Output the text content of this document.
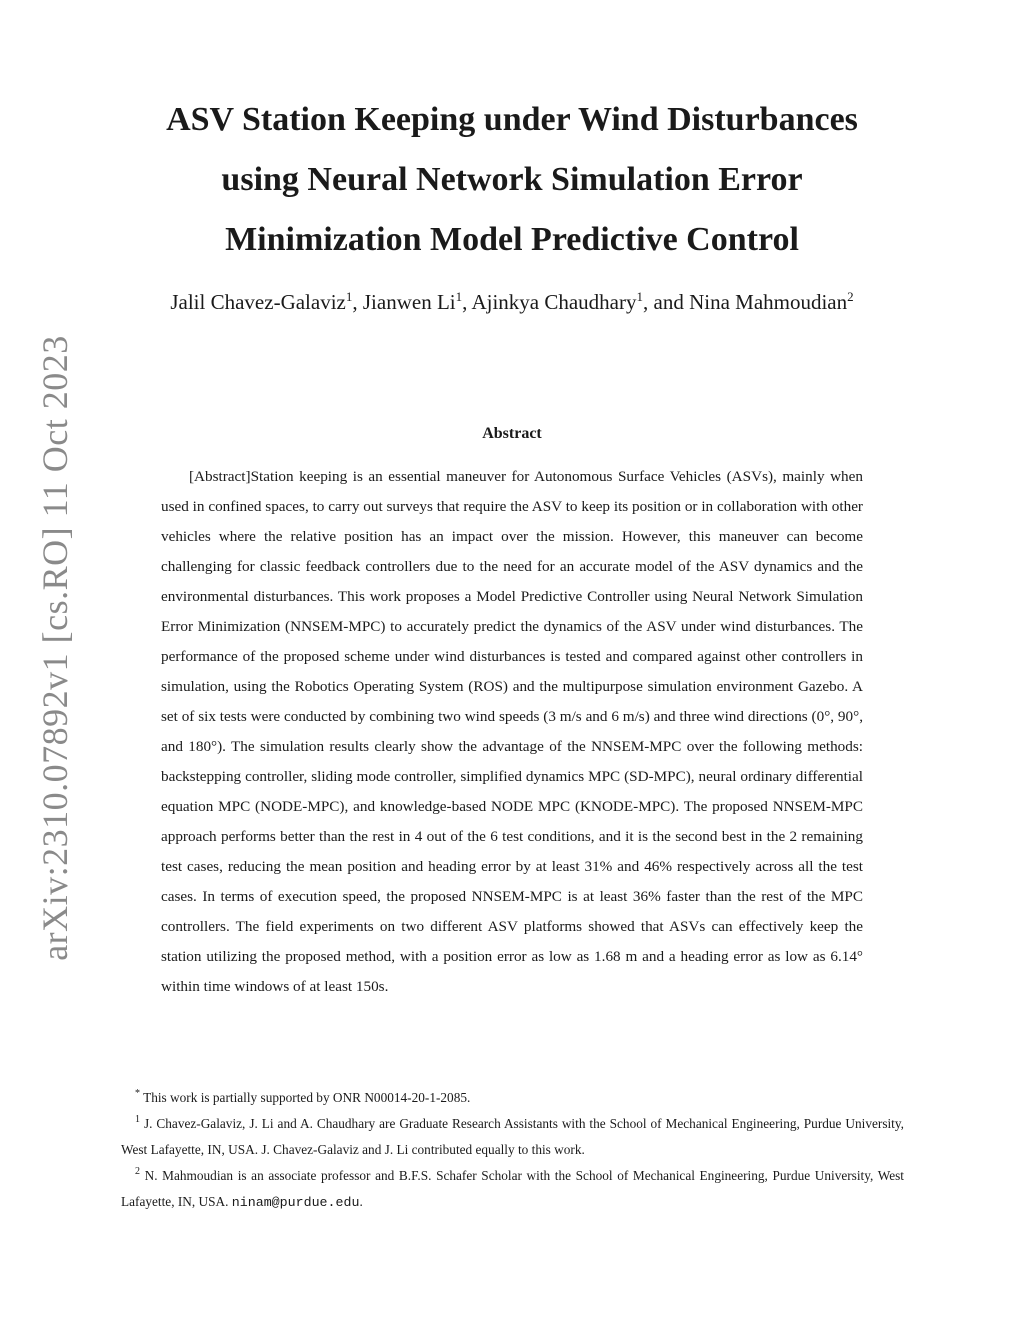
arXiv:2310.07892v1 [cs.RO] 11 Oct 2023
ASV Station Keeping under Wind Disturbances
using Neural Network Simulation Error
Minimization Model Predictive Control
Jalil Chavez-Galaviz$^1$, Jianwen Li$^1$, Ajinkya Chaudhary$^1$, and Nina Mahmoudian$^2$
Abstract

[Abstract]Station keeping is an essential maneuver for Autonomous Surface Vehicles (ASVs), mainly when used in confined spaces, to carry out surveys that require the ASV to keep its position or in collaboration with other vehicles where the relative position has an impact over the mission. However, this maneuver can become challenging for classic feedback controllers due to the need for an accurate model of the ASV dynamics and the environmental disturbances. This work proposes a Model Predictive Controller using Neural Network Simulation Error Minimization (NNSEM-MPC) to accurately predict the dynamics of the ASV under wind disturbances. The performance of the proposed scheme under wind disturbances is tested and compared against other controllers in simulation, using the Robotics Operating System (ROS) and the multipurpose simulation environment Gazebo. A set of six tests were conducted by combining two wind speeds (3 m/s and 6 m/s) and three wind directions (0°, 90°, and 180°). The simulation results clearly show the advantage of the NNSEM-MPC over the following methods: backstepping controller, sliding mode controller, simplified dynamics MPC (SD-MPC), neural ordinary differential equation MPC (NODE-MPC), and knowledge-based NODE MPC (KNODE-MPC). The proposed NNSEM-MPC approach performs better than the rest in 4 out of the 6 test conditions, and it is the second best in the 2 remaining test cases, reducing the mean position and heading error by at least 31% and 46% respectively across all the test cases. In terms of execution speed, the proposed NNSEM-MPC is at least 36% faster than the rest of the MPC controllers. The field experiments on two different ASV platforms showed that ASVs can effectively keep the station utilizing the proposed method, with a position error as low as 1.68 m and a heading error as low as 6.14° within time windows of at least 150s.

* This work is partially supported by ONR N00014-20-1-2085.

$^1$ J. Chavez-Galaviz, J. Li and A. Chaudhary are Graduate Research Assistants with the School of Mechanical Engineering, Purdue University, West Lafayette, IN, USA. J. Chavez-Galaviz and J. Li contributed equally to this work.

$^2$ N. Mahmoudian is an associate professor and B.F.S. Schafer Scholar with the School of Mechanical Engineering, Purdue University, West Lafayette, IN, USA. ninam@purdue.edu.
